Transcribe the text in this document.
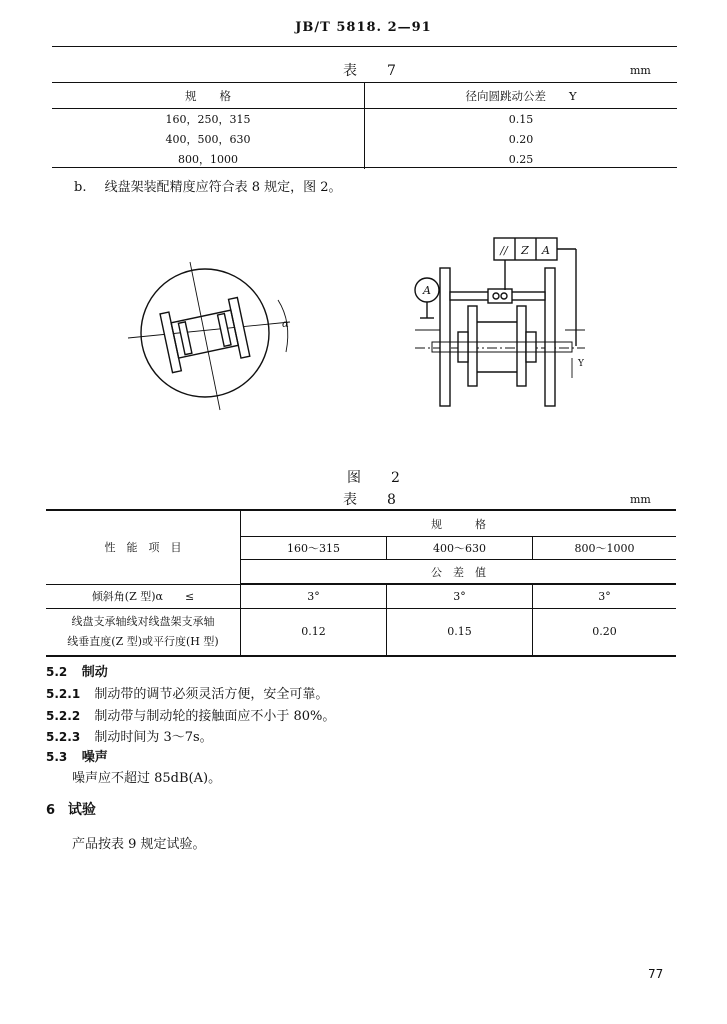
JB/T 5818. 2—91
表　7	mm
规　　格	径向圆跳动公差　　Y
160，250，315	0.15
400，500，630	0.20
800，1000	0.25
b. 线盘架装配精度应符合表 8 规定，图 2。
α
A
// Z A
Y
图　2
表　8	mm
性　能　项　目	规　　　格		
	160～315	400～630	800～1000
	公　差　值		
倾斜角(Z 型)α　　≤	3°	3°	3°

线盘支承轴线对线盘架支承轴
线垂直度(Z 型)或平行度(H 型)	0.12	0.15	0.20
5.2 制动
5.2.1 制动带的调节必须灵活方便，安全可靠。
5.2.2 制动带与制动轮的接触面应不小于 80%。
5.2.3 制动时间为 3～7s。
5.3 噪声
噪声应不超过 85dB(A)。
6 试验
产品按表 9 规定试验。
77
